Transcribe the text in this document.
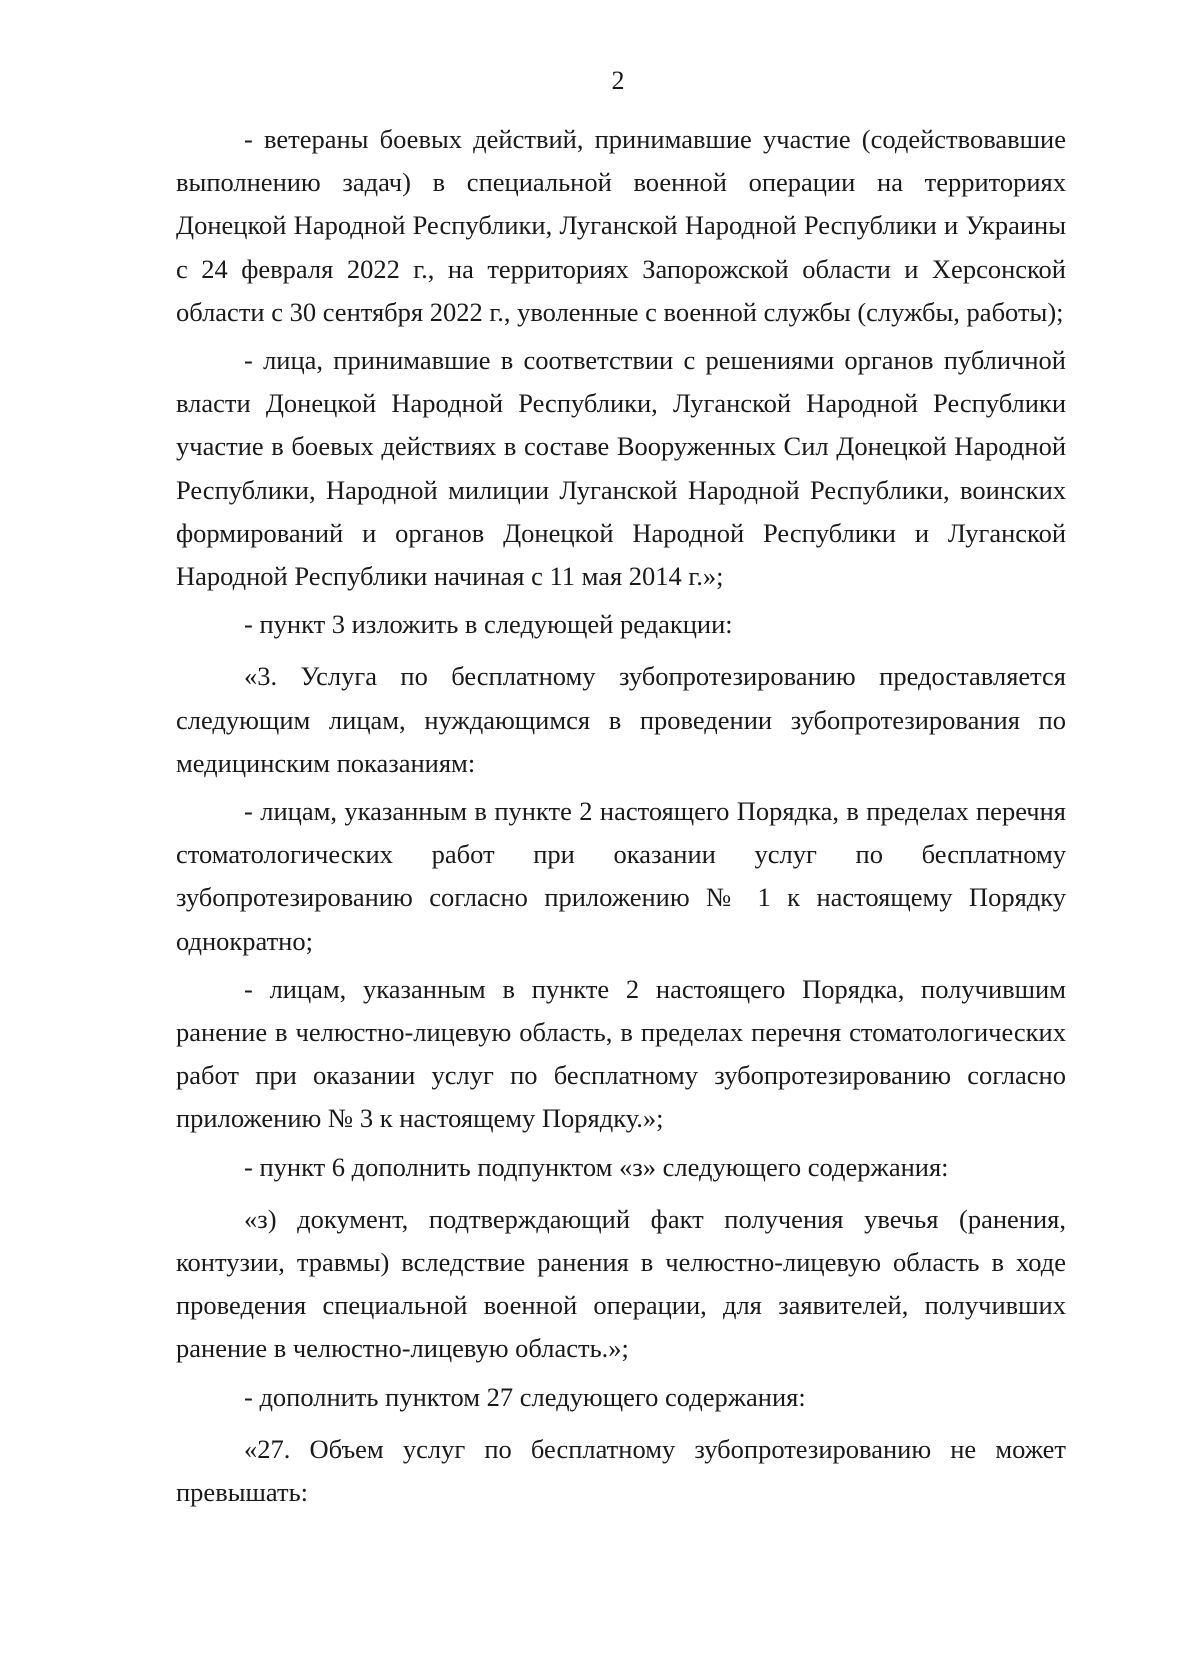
2

- ветераны боевых действий, принимавшие участие (содействовавшие выполнению задач) в специальной военной операции на территориях Донецкой Народной Республики, Луганской Народной Республики и Украины с 24 февраля 2022 г., на территориях Запорожской области и Херсонской области с 30 сентября 2022 г., уволенные с военной службы (службы, работы);

- лица, принимавшие в соответствии с решениями органов публичной власти Донецкой Народной Республики, Луганской Народной Республики участие в боевых действиях в составе Вооруженных Сил Донецкой Народной Республики, Народной милиции Луганской Народной Республики, воинских формирований и органов Донецкой Народной Республики и Луганской Народной Республики начиная с 11 мая 2014 г.»;

- пункт 3 изложить в следующей редакции:

«3. Услуга по бесплатному зубопротезированию предоставляется следующим лицам, нуждающимся в проведении зубопротезирования по медицинским показаниям:

- лицам, указанным в пункте 2 настоящего Порядка, в пределах перечня стоматологических работ при оказании услуг по бесплатному зубопротезированию согласно приложению № 1 к настоящему Порядку однократно;

- лицам, указанным в пункте 2 настоящего Порядка, получившим ранение в челюстно-лицевую область, в пределах перечня стоматологических работ при оказании услуг по бесплатному зубопротезированию согласно приложению № 3 к настоящему Порядку.»;

- пункт 6 дополнить подпунктом «з» следующего содержания:

«з) документ, подтверждающий факт получения увечья (ранения, контузии, травмы) вследствие ранения в челюстно-лицевую область в ходе проведения специальной военной операции, для заявителей, получивших ранение в челюстно-лицевую область.»;

- дополнить пунктом 27 следующего содержания:

«27. Объем услуг по бесплатному зубопротезированию не может превышать:
